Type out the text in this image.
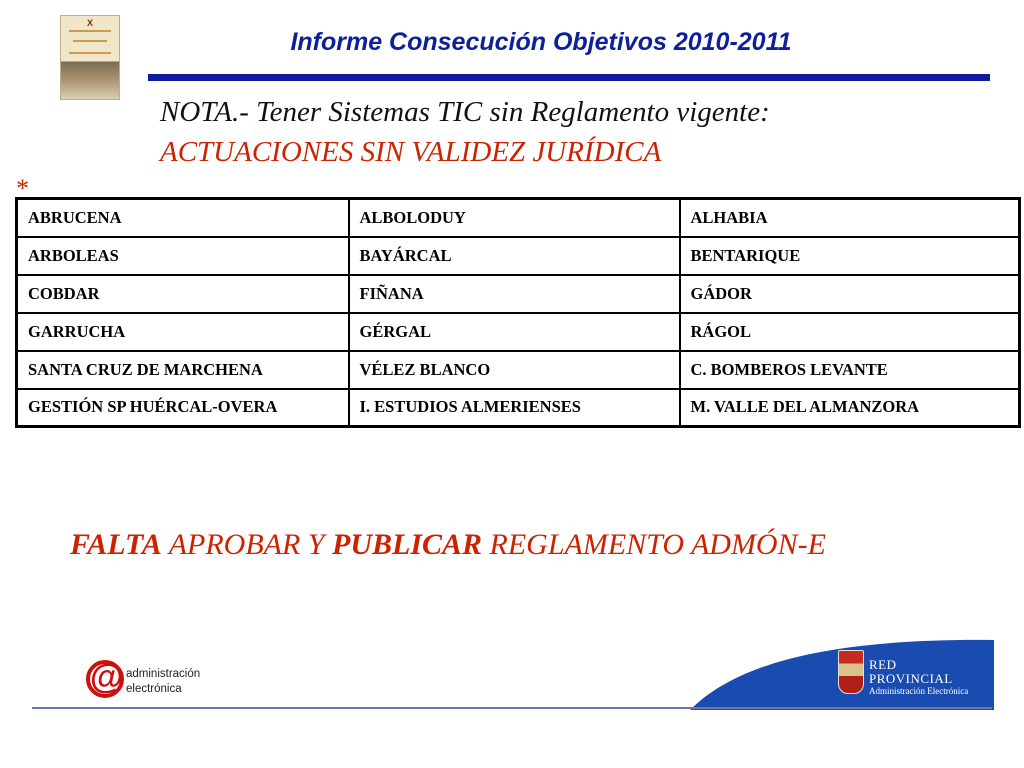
X
Informe Consecución Objetivos 2010-2011
NOTA.- Tener Sistemas TIC sin Reglamento vigente:
ACTUACIONES SIN VALIDEZ JURÍDICA
*
ABRUCENA	ALBOLODUY	ALHABIA
ARBOLEAS	BAYÁRCAL	BENTARIQUE
COBDAR	FIÑANA	GÁDOR
GARRUCHA	GÉRGAL	RÁGOL
SANTA CRUZ DE MARCHENA	VÉLEZ BLANCO	C. BOMBEROS LEVANTE
GESTIÓN SP HUÉRCAL-OVERA	I. ESTUDIOS ALMERIENSES	M. VALLE DEL ALMANZORA
FALTA APROBAR Y PUBLICAR REGLAMENTO ADMÓN-E
@ administración
electrónica
RED
PROVINCIAL
Administración Electrónica
